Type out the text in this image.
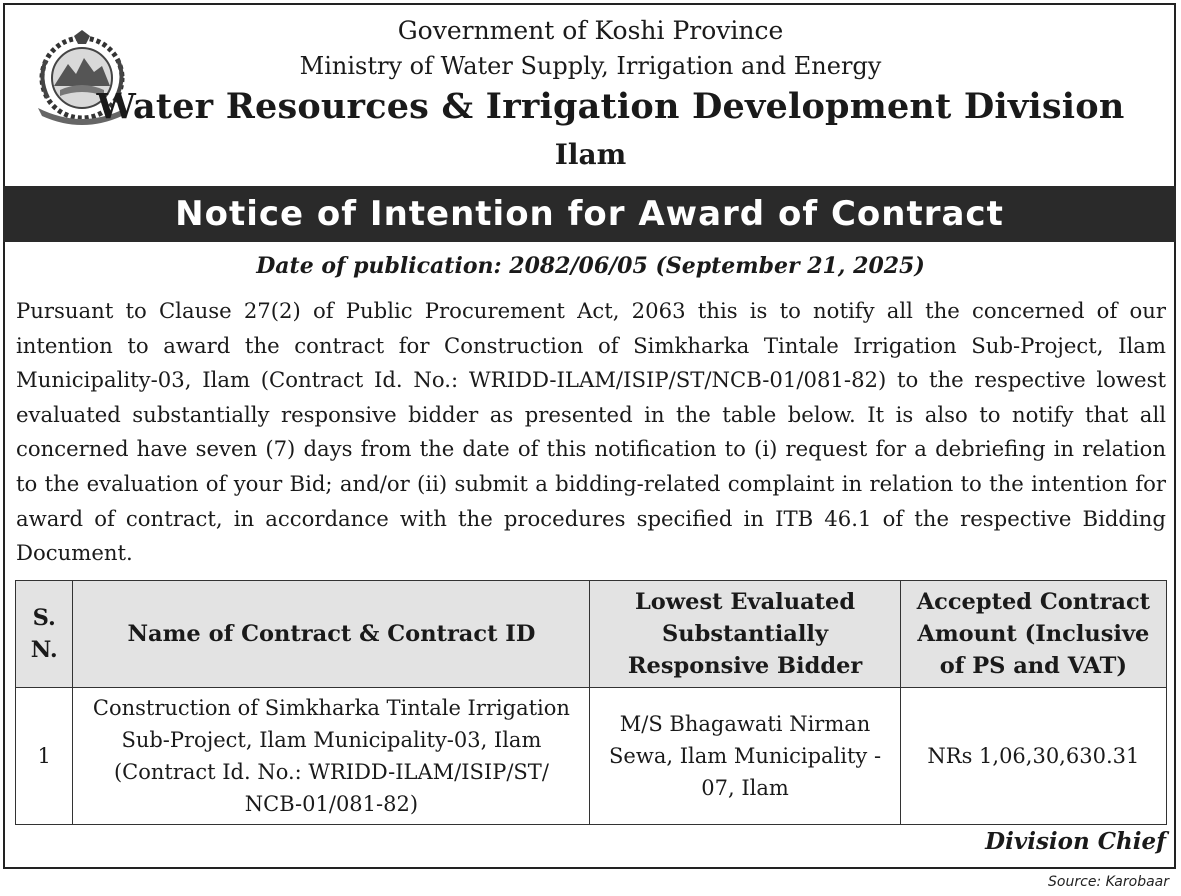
Government of Koshi Province
Ministry of Water Supply, Irrigation and Energy
Water Resources & Irrigation Development Division
Ilam
Notice of Intention for Award of Contract
Date of publication: 2082/06/05 (September 21, 2025)
Pursuant to Clause 27(2) of Public Procurement Act, 2063 this is to notify all the concerned of our intention to award the contract for Construction of Simkharka Tintale Irrigation Sub-Project, Ilam Municipality-03, Ilam (Contract Id. No.: WRIDD-ILAM/ISIP/ST/NCB-01/081-82) to the respective lowest evaluated substantially responsive bidder as presented in the table below. It is also to notify that all concerned have seven (7) days from the date of this notification to (i) request for a debriefing in relation to the evaluation of your Bid; and/or (ii) submit a bidding-related complaint in relation to the intention for award of contract, in accordance with the procedures specified in ITB 46.1 of the respective Bidding Document.
S. N.	Name of Contract & Contract ID	Lowest Evaluated Substantially Responsive Bidder	Accepted Contract Amount (Inclusive of PS and VAT)
1	Construction of Simkharka Tintale Irrigation Sub-Project, Ilam Municipality-03, Ilam (Contract Id. No.: WRIDD-ILAM/ISIP/ST/ NCB-01/081-82)	M/S Bhagawati Nirman Sewa, Ilam Municipality - 07, Ilam	NRs 1,06,30,630.31
Division Chief
Source: Karobaar
